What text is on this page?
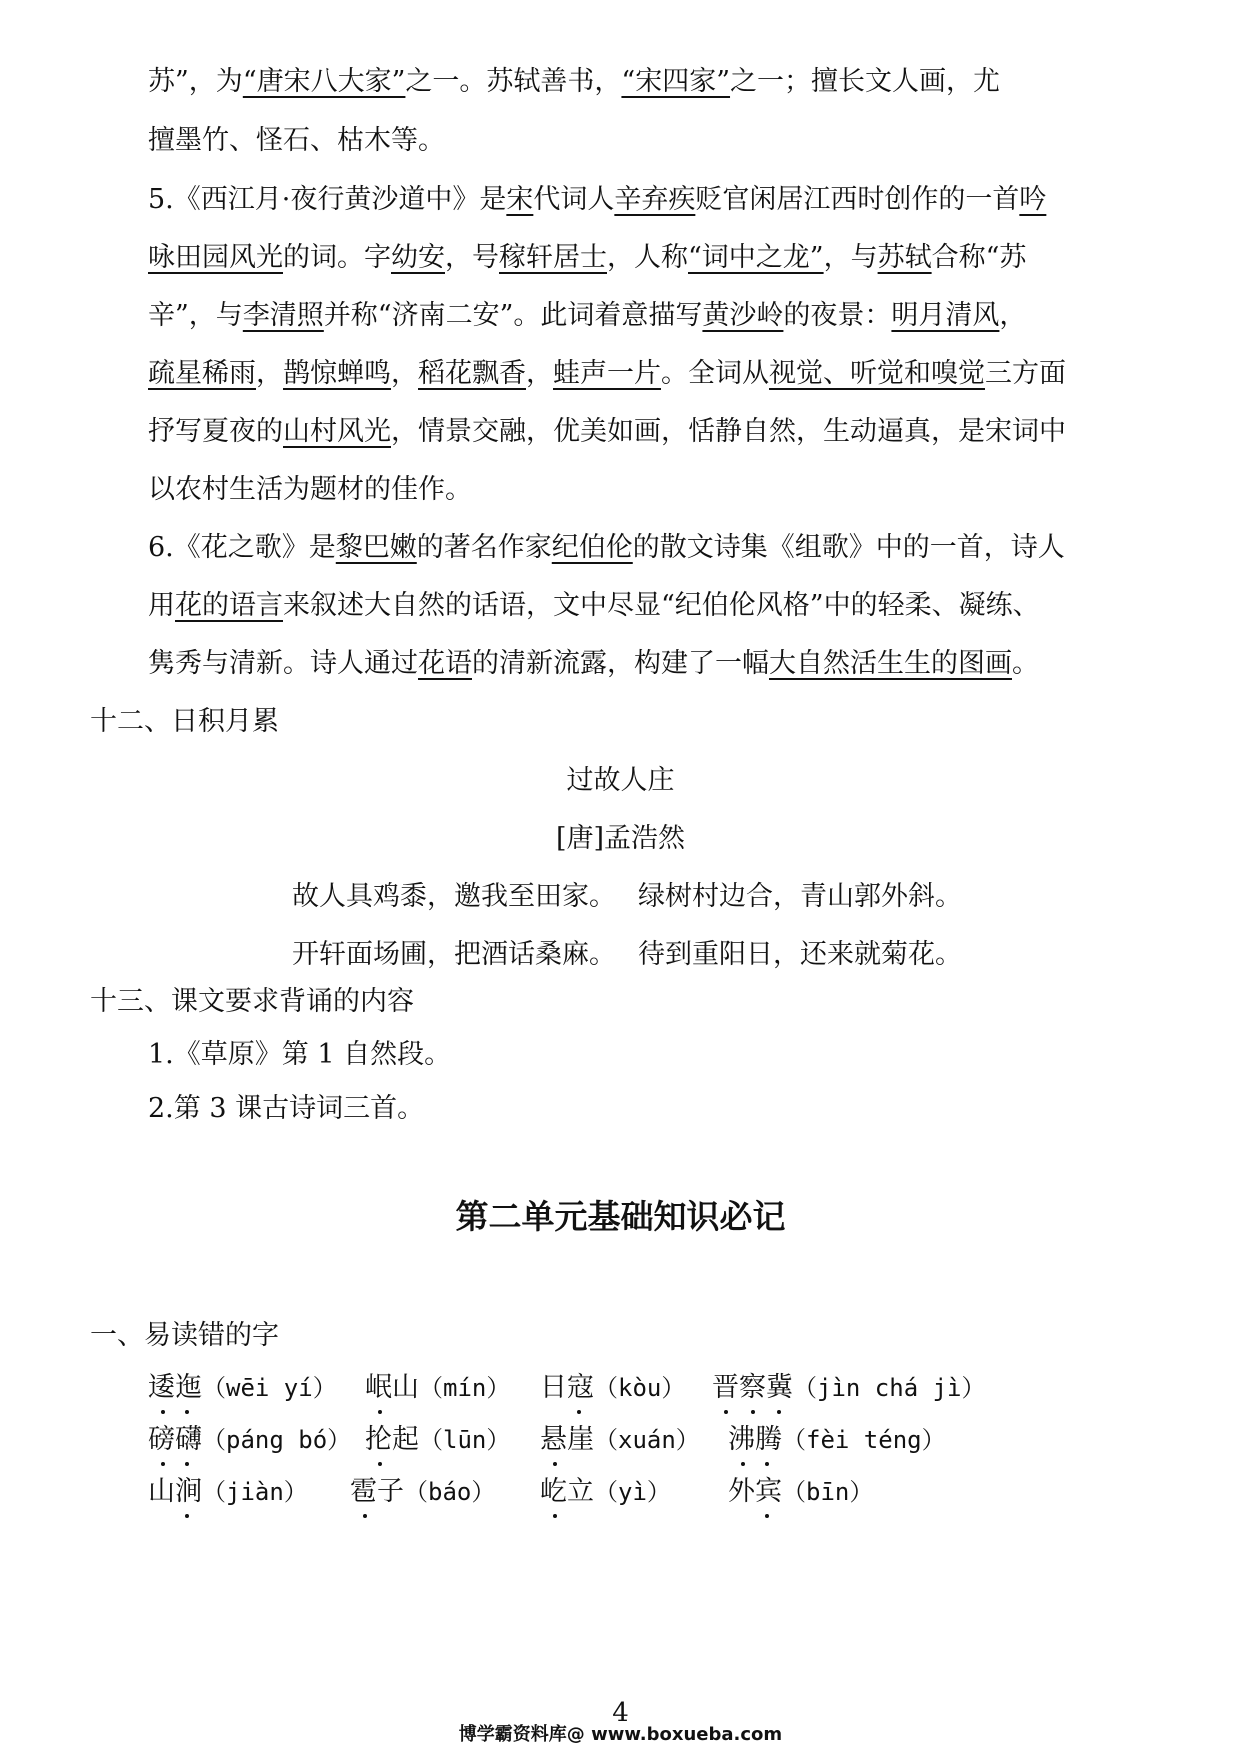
苏”，为“唐宋八大家”之一。苏轼善书，“宋四家”之一；擅长文人画，尤
擅墨竹、怪石、枯木等。
5.《西江月·夜行黄沙道中》是宋代词人辛弃疾贬官闲居江西时创作的一首吟
咏田园风光的词。字幼安，号稼轩居士，人称“词中之龙”，与苏轼合称“苏
辛”，与李清照并称“济南二安”。此词着意描写黄沙岭的夜景：明月清风，
疏星稀雨，鹊惊蝉鸣，稻花飘香，蛙声一片。全词从视觉、听觉和嗅觉三方面
抒写夏夜的山村风光，情景交融，优美如画，恬静自然，生动逼真，是宋词中
以农村生活为题材的佳作。
6.《花之歌》是黎巴嫩的著名作家纪伯伦的散文诗集《组歌》中的一首，诗人
用花的语言来叙述大自然的话语，文中尽显“纪伯伦风格”中的轻柔、凝练、
隽秀与清新。诗人通过花语的清新流露，构建了一幅大自然活生生的图画。
十二、日积月累
过故人庄
[唐]孟浩然
故人具鸡黍，邀我至田家。 绿树村边合，青山郭外斜。
开轩面场圃，把酒话桑麻。 待到重阳日，还来就菊花。
十三、课文要求背诵的内容
1.《草原》第 1 自然段。
2.第 3 课古诗词三首。
第二单元基础知识必记
一、易读错的字
逶迤
（wēi yí） 岷山
（mín） 日寇
（kòu） 晋察冀
（jìn chá jì）
磅礴
（páng bó） 抡起
（lūn） 悬崖
（xuán） 沸腾
（fèi téng）
山涧
（jiàn） 雹子
（báo） 屹立
（yì） 外宾
（bīn）
4
博学霸资料库@ www.boxueba.com
